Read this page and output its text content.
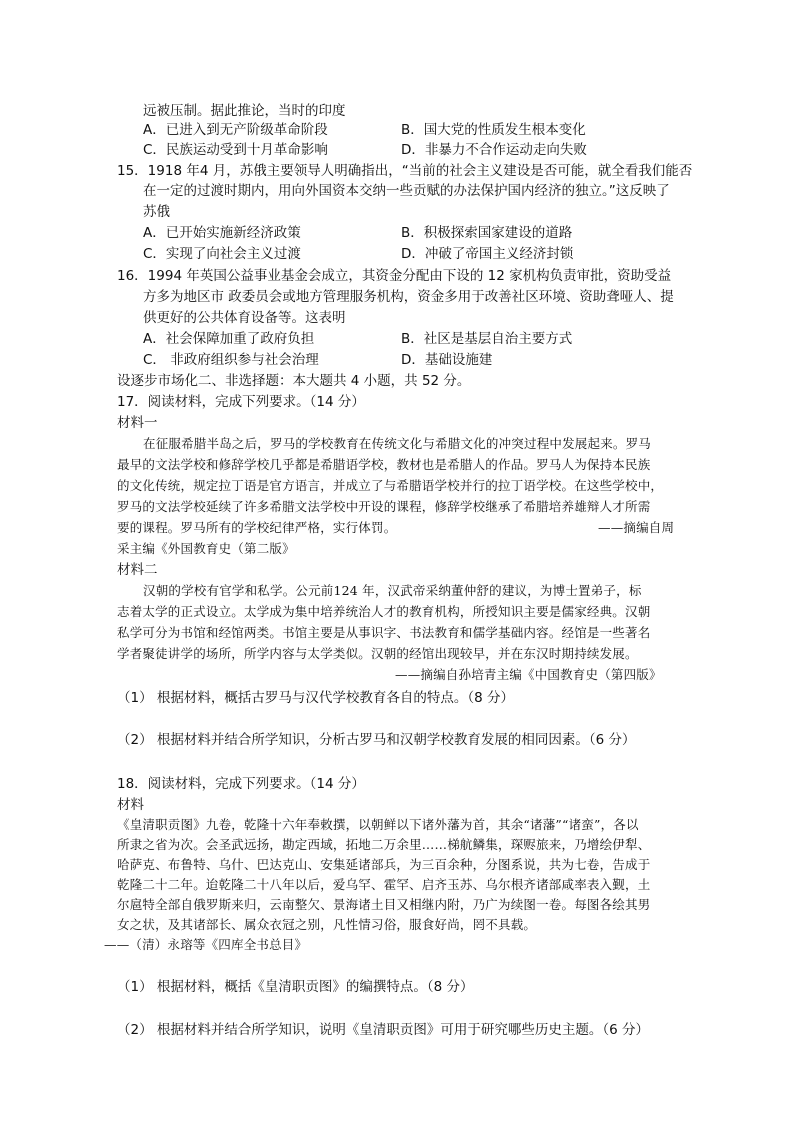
远被压制。据此推论，当时的印度
A．已进入到无产阶级革命阶段	B．国大党的性质发生根本变化
C．民族运动受到十月革命影响	D．非暴力不合作运动走向失败
15．1918 年4 月，苏俄主要领导人明确指出，“当前的社会主义建设是否可能，就全看我们能否
在一定的过渡时期内，用向外国资本交纳一些贡赋的办法保护国内经济的独立。”这反映了
苏俄
A．已开始实施新经济政策	B．积极探索国家建设的道路
C．实现了向社会主义过渡	D．冲破了帝国主义经济封锁
16．1994 年英国公益事业基金会成立，其资金分配由下设的 12 家机构负责审批，资助受益
方多为地区市 政委员会或地方管理服务机构，资金多用于改善社区环境、资助聋哑人、提
供更好的公共体育设备等。这表明
A．社会保障加重了政府负担	B．社区是基层自治主要方式
C． 非政府组织参与社会治理	D．基础设施建
设逐步市场化二、非选择题：本大题共 4 小题，共 52 分。
17．阅读材料，完成下列要求。（14 分）
材料一
在征服希腊半岛之后，罗马的学校教育在传统文化与希腊文化的冲突过程中发展起来。罗马
最早的文法学校和修辞学校几乎都是希腊语学校，教材也是希腊人的作品。罗马人为保持本民族
的文化传统，规定拉丁语是官方语言，并成立了与希腊语学校并行的拉丁语学校。在这些学校中，
罗马的文法学校延续了许多希腊文法学校中开设的课程，修辞学校继承了希腊培养雄辩人才所需
要的课程。罗马所有的学校纪律严格，实行体罚。	——摘编自周
采主编《外国教育史（第二版》
材料二
汉朝的学校有官学和私学。公元前124 年，汉武帝采纳董仲舒的建议，为博士置弟子，标
志着太学的正式设立。太学成为集中培养统治人才的教育机构，所授知识主要是儒家经典。汉朝
私学可分为书馆和经馆两类。书馆主要是从事识字、书法教育和儒学基础内容。经馆是一些著名
学者聚徒讲学的场所，所学内容与太学类似。汉朝的经馆出现较早，并在东汉时期持续发展。
——摘编自孙培青主编《中国教育史（第四版》
（1） 根据材料，概括古罗马与汉代学校教育各自的特点。（8 分）
（2） 根据材料并结合所学知识，分析古罗马和汉朝学校教育发展的相同因素。（6 分）
18．阅读材料，完成下列要求。（14 分）
材料
《皇清职贡图》九卷，乾隆十六年奉敕撰，以朝鲜以下诸外藩为首，其余“诸藩”“诸蛮”，各以
所隶之省为次。会圣武远扬，勘定西域，拓地二万余里……梯航鳞集，琛赆旅来，乃增绘伊犁、
哈萨克、布鲁特、乌什、巴达克山、安集延诸部兵，为三百余种，分图系说，共为七卷，告成于
乾隆二十二年。迨乾隆二十八年以后，爱乌罕、霍罕、启齐玉苏、乌尔根齐诸部咸率表入觐，土
尔扈特全部自俄罗斯来归，云南整欠、景海诸土目又相继内附，乃广为续图一卷。每图各绘其男
女之状，及其诸部长、属众衣冠之别，凡性情习俗，服食好尚，罔不具载。
——（清）永瑢等《四库全书总目》
（1） 根据材料，概括《皇清职贡图》的编撰特点。（8 分）
（2） 根据材料并结合所学知识，说明《皇清职贡图》可用于研究哪些历史主题。（6 分）
